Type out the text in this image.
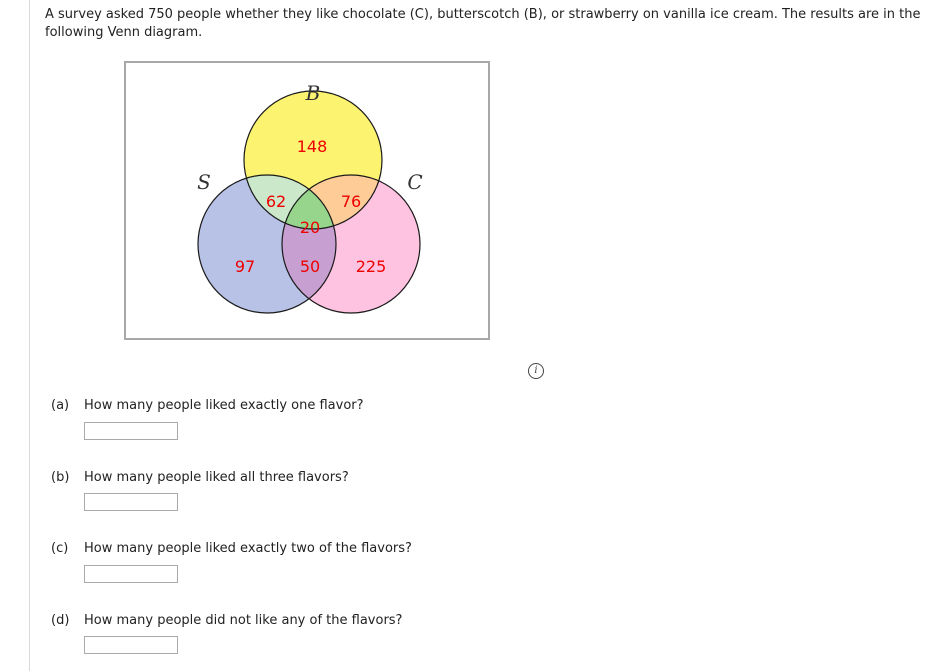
A survey asked 750 people whether they like chocolate (C), butterscotch (B), or strawberry on vanilla ice cream. The results are in the following Venn diagram.
B
S	C
148
62	76
20
97	50 225
i
(a) How many people liked exactly one flavor?
(b) How many people liked all three flavors?
(c) How many people liked exactly two of the flavors?
(d) How many people did not like any of the flavors?
